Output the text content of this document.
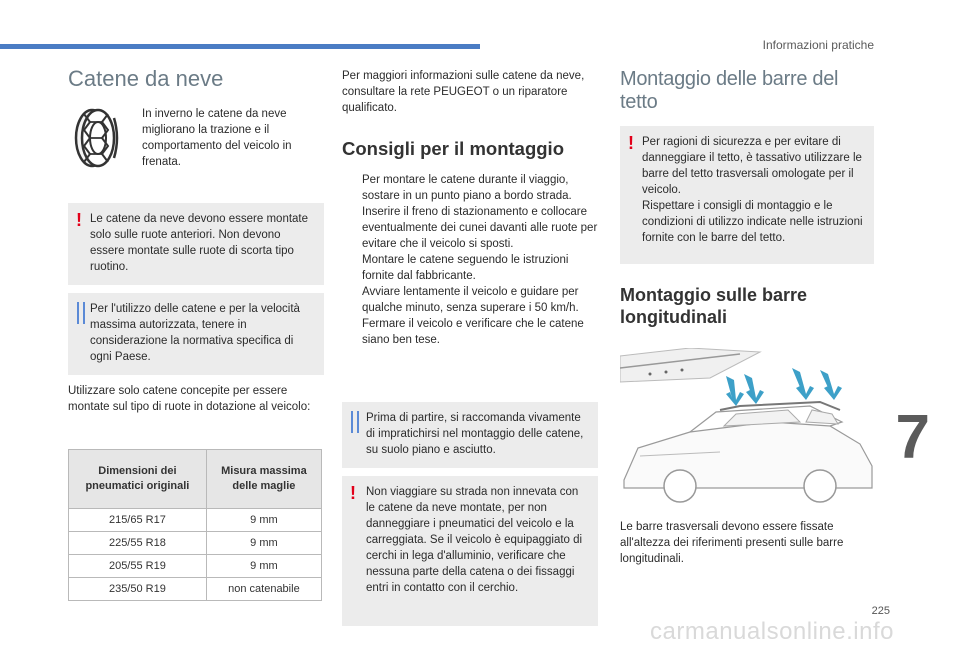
Informazioni pratiche
7
225
carmanualsonline.info
Catene da neve
In inverno le catene da neve migliorano la trazione e il comportamento del veicolo in frenata.
! Le catene da neve devono essere montate solo sulle ruote anteriori. Non devono essere montate sulle ruote di scorta tipo ruotino.
Per l'utilizzo delle catene e per la velocità massima autorizzata, tenere in considerazione la normativa specifica di ogni Paese.

Utilizzare solo catene concepite per essere montate sul tipo di ruote in dotazione al veicolo:

Dimensioni dei pneumatici originali	Misura massima delle maglie
215/65 R17	9 mm
225/55 R18	9 mm
205/55 R19	9 mm
235/50 R19	non catenabile

Per maggiori informazioni sulle catene da neve, consultare la rete PEUGEOT o un riparatore qualificato.

Consigli per il montaggio
Per montare le catene durante il viaggio, sostare in un punto piano a bordo strada.
Inserire il freno di stazionamento e collocare eventualmente dei cunei davanti alle ruote per evitare che il veicolo si sposti.
Montare le catene seguendo le istruzioni fornite dal fabbricante.
Avviare lentamente il veicolo e guidare per qualche minuto, senza superare i 50 km/h.
Fermare il veicolo e verificare che le catene siano ben tese.
Prima di partire, si raccomanda vivamente di impratichirsi nel montaggio delle catene, su suolo piano e asciutto.
! Non viaggiare su strada non innevata con le catene da neve montate, per non danneggiare i pneumatici del veicolo e la carreggiata. Se il veicolo è equipaggiato di cerchi in lega d'alluminio, verificare che nessuna parte della catena o dei fissaggi entri in contatto con il cerchio.
Montaggio delle barre del tetto
! Per ragioni di sicurezza e per evitare di danneggiare il tetto, è tassativo utilizzare le barre del tetto trasversali omologate per il veicolo.
Rispettare i consigli di montaggio e le condizioni di utilizzo indicate nelle istruzioni fornite con le barre del tetto.
Montaggio sulle barre longitudinali

Le barre trasversali devono essere fissate all'altezza dei riferimenti presenti sulle barre longitudinali.
